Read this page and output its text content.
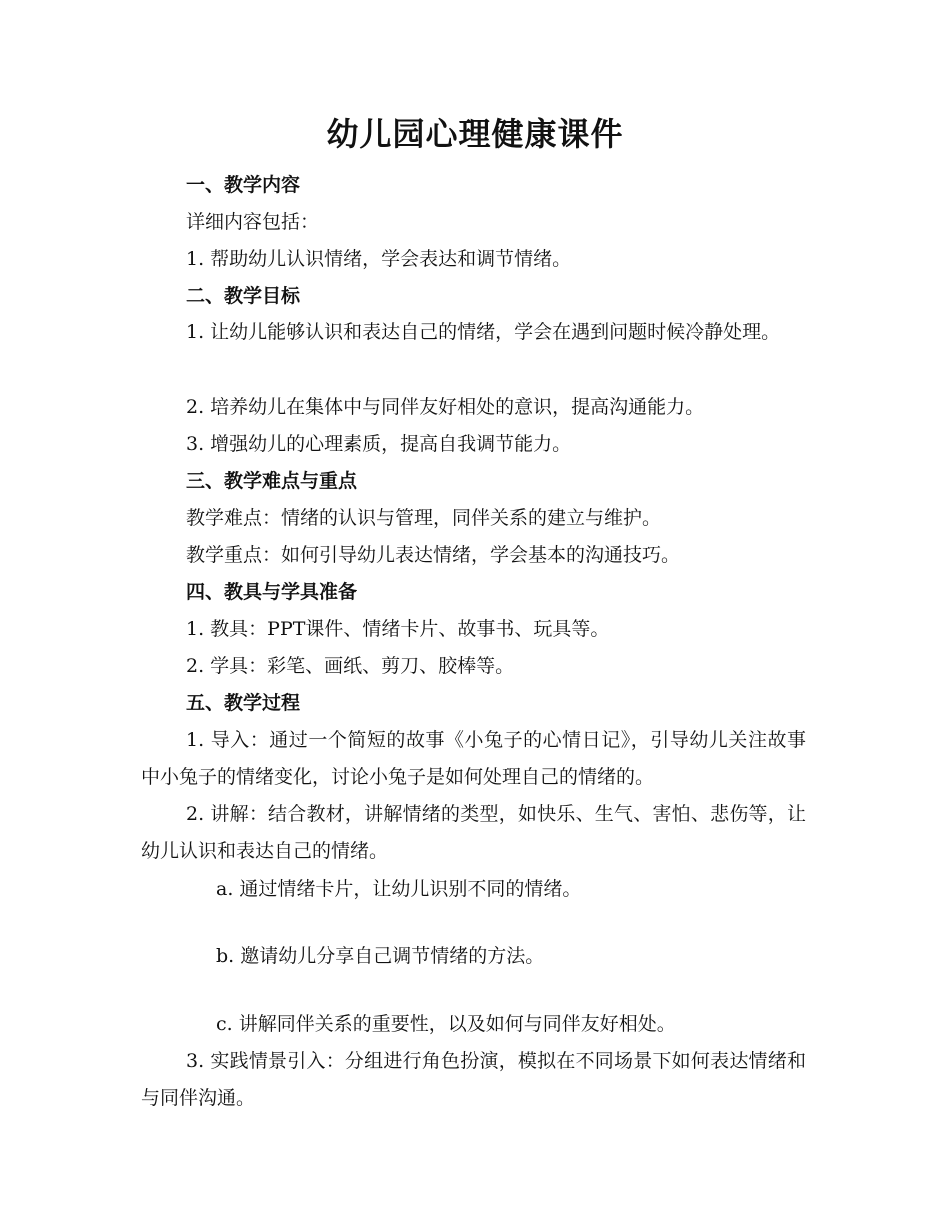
幼儿园心理健康课件
一、教学内容
详细内容包括：
1. 帮助幼儿认识情绪，学会表达和调节情绪。
二、教学目标
1. 让幼儿能够认识和表达自己的情绪，学会在遇到问题时候冷静处理。
2. 培养幼儿在集体中与同伴友好相处的意识，提高沟通能力。
3. 增强幼儿的心理素质，提高自我调节能力。
三、教学难点与重点
教学难点：情绪的认识与管理，同伴关系的建立与维护。
教学重点：如何引导幼儿表达情绪，学会基本的沟通技巧。
四、教具与学具准备
1. 教具：PPT课件、情绪卡片、故事书、玩具等。
2. 学具：彩笔、画纸、剪刀、胶棒等。
五、教学过程
1. 导入：通过一个简短的故事《小兔子的心情日记》，引导幼儿关注故事中小兔子的情绪变化，讨论小兔子是如何处理自己的情绪的。
2. 讲解：结合教材，讲解情绪的类型，如快乐、生气、害怕、悲伤等，让幼儿认识和表达自己的情绪。
a. 通过情绪卡片，让幼儿识别不同的情绪。
b. 邀请幼儿分享自己调节情绪的方法。
c. 讲解同伴关系的重要性，以及如何与同伴友好相处。
3. 实践情景引入：分组进行角色扮演，模拟在不同场景下如何表达情绪和与同伴沟通。
